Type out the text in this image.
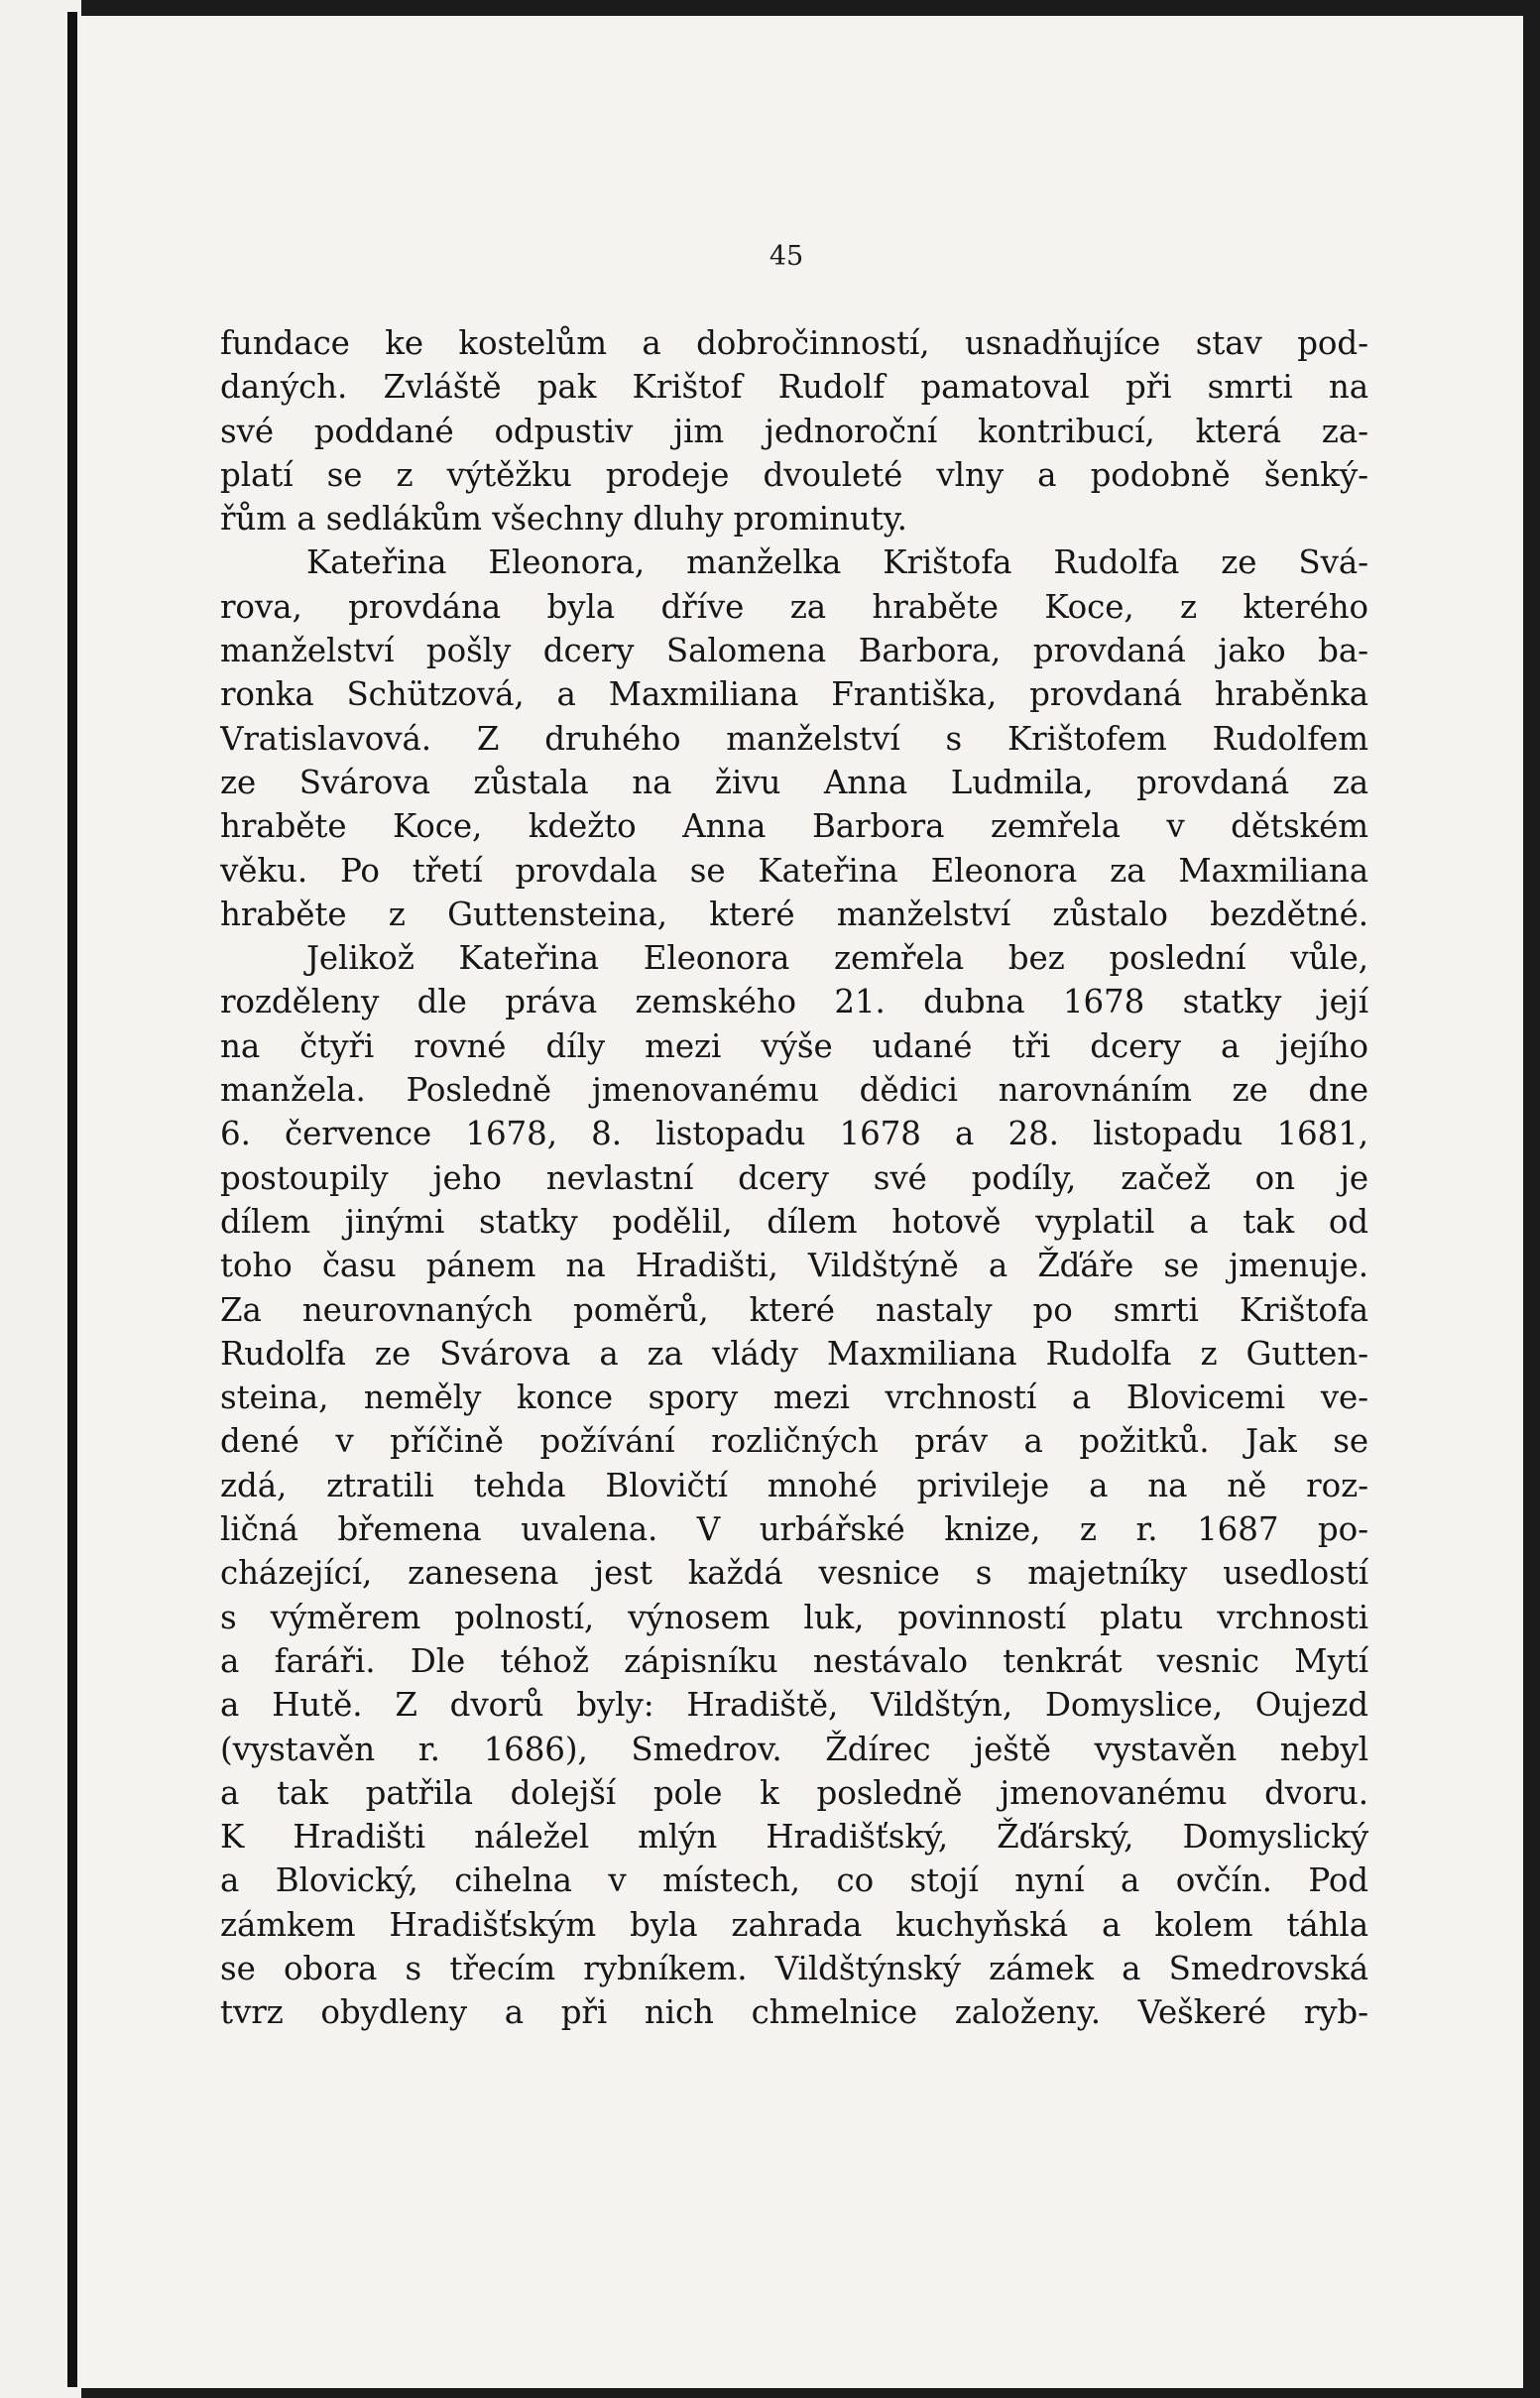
45
fundace ke kostelům a dobročinností, usnadňujíce stav pod-
daných. Zvláště pak Krištof Rudolf pamatoval při smrti na
své poddané odpustiv jim jednoroční kontribucí, která za-
platí se z výtěžku prodeje dvouleté vlny a podobně šenký-
řům a sedlákům všechny dluhy prominuty.
Kateřina Eleonora, manželka Krištofa Rudolfa ze Svá-
rova, provdána byla dříve za hraběte Koce, z kterého
manželství pošly dcery Salomena Barbora, provdaná jako ba-
ronka Schützová, a Maxmiliana Františka, provdaná hraběnka
Vratislavová. Z druhého manželství s Krištofem Rudolfem
ze Svárova zůstala na živu Anna Ludmila, provdaná za
hraběte Koce, kdežto Anna Barbora zemřela v dětském
věku. Po třetí provdala se Kateřina Eleonora za Maxmiliana
hraběte z Guttensteina, které manželství zůstalo bezdětné.
Jelikož Kateřina Eleonora zemřela bez poslední vůle,
rozděleny dle práva zemského 21. dubna 1678 statky její
na čtyři rovné díly mezi výše udané tři dcery a jejího
manžela. Posledně jmenovanému dědici narovnáním ze dne
6. července 1678, 8. listopadu 1678 a 28. listopadu 1681,
postoupily jeho nevlastní dcery své podíly, začež on je
dílem jinými statky podělil, dílem hotově vyplatil a tak od
toho času pánem na Hradišti, Vildštýně a Žďáře se jmenuje.
Za neurovnaných poměrů, které nastaly po smrti Krištofa
Rudolfa ze Svárova a za vlády Maxmiliana Rudolfa z Gutten-
steina, neměly konce spory mezi vrchností a Blovicemi ve-
dené v příčině požívání rozličných práv a požitků. Jak se
zdá, ztratili tehda Blovičtí mnohé privileje a na ně roz-
ličná břemena uvalena. V urbářské knize, z r. 1687 po-
cházející, zanesena jest každá vesnice s majetníky usedlostí
s výměrem polností, výnosem luk, povinností platu vrchnosti
a faráři. Dle téhož zápisníku nestávalo tenkrát vesnic Mytí
a Hutě. Z dvorů byly: Hradiště, Vildštýn, Domyslice, Oujezd
(vystavěn r. 1686), Smedrov. Ždírec ještě vystavěn nebyl
a tak patřila dolejší pole k posledně jmenovanému dvoru.
K Hradišti náležel mlýn Hradišťský, Žďárský, Domyslický
a Blovický, cihelna v místech, co stojí nyní a ovčín. Pod
zámkem Hradišťským byla zahrada kuchyňská a kolem táhla
se obora s třecím rybníkem. Vildštýnský zámek a Smedrovská
tvrz obydleny a při nich chmelnice založeny. Veškeré ryb-
